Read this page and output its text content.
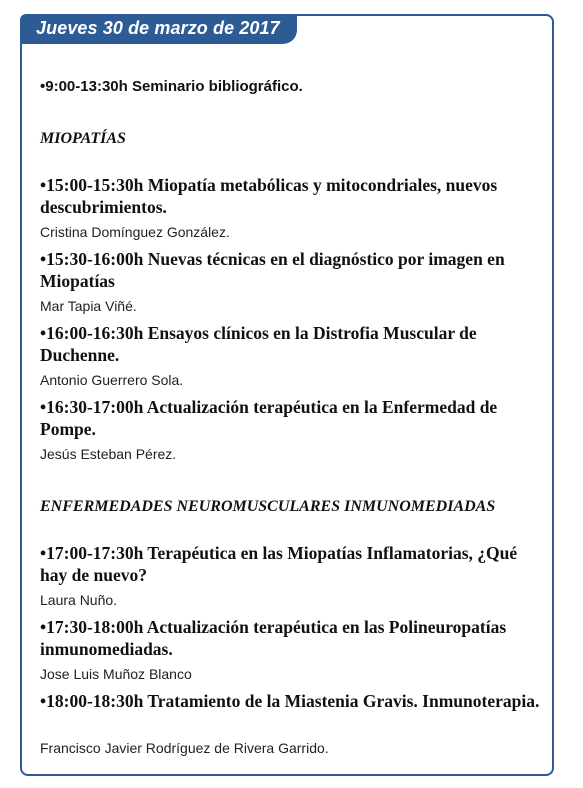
Jueves 30 de marzo de 2017
•9:00-13:30h Seminario bibliográfico.
MIOPATÍAS
•15:00-15:30h Miopatía metabólicas y mitocondriales, nuevos descubrimientos.
Cristina Domínguez González.
•15:30-16:00h Nuevas técnicas en el diagnóstico por imagen en Miopatías
Mar Tapia Viñé.
•16:00-16:30h Ensayos clínicos en la Distrofia Muscular de Duchenne.
Antonio Guerrero Sola.
•16:30-17:00h Actualización terapéutica en la Enfermedad de Pompe.
Jesús Esteban Pérez.
ENFERMEDADES NEUROMUSCULARES INMUNOMEDIADAS
•17:00-17:30h Terapéutica en las Miopatías Inflamatorias, ¿Qué hay de nuevo?
Laura Nuño.
•17:30-18:00h Actualización terapéutica en las Polineuropatías inmunomediadas.
Jose Luis Muñoz Blanco
•18:00-18:30h Tratamiento de la Miastenia Gravis. Inmunoterapia.
Francisco Javier Rodríguez de Rivera Garrido.
